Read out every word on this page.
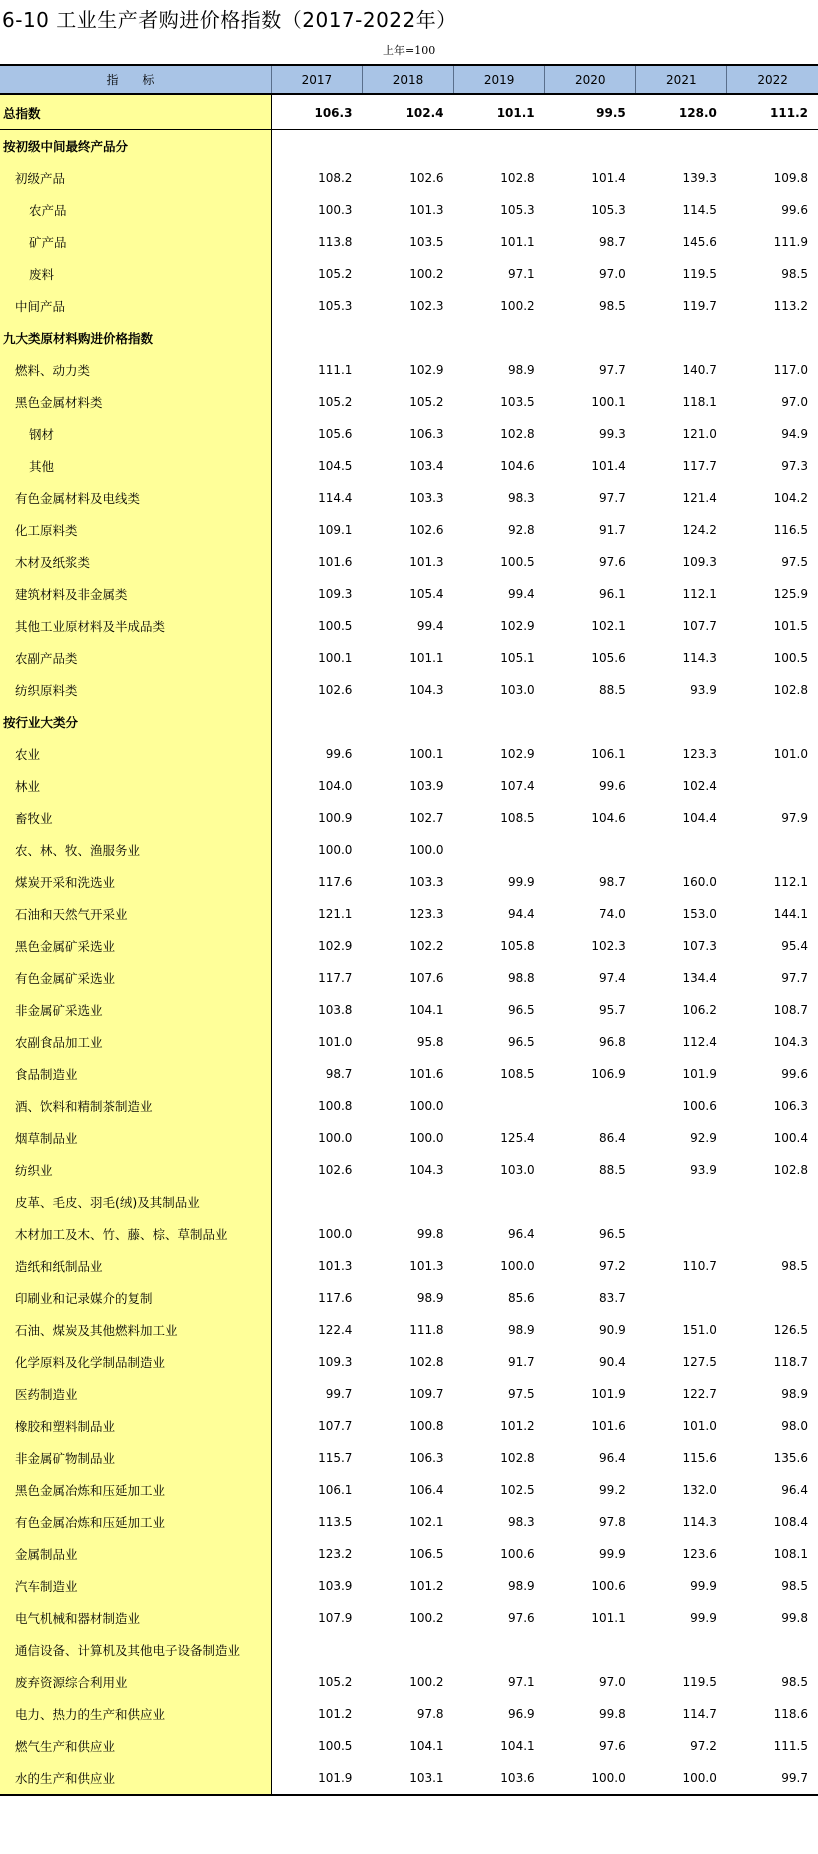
6-10 工业生产者购进价格指数（2017-2022年）
上年=100
指 标	2017	2018	2019	2020	2021	2022
总指数	106.3	102.4	101.1	99.5	128.0	111.2
按初级中间最终产品分						
初级产品	108.2	102.6	102.8	101.4	139.3	109.8
农产品	100.3	101.3	105.3	105.3	114.5	99.6
矿产品	113.8	103.5	101.1	98.7	145.6	111.9
废料	105.2	100.2	97.1	97.0	119.5	98.5
中间产品	105.3	102.3	100.2	98.5	119.7	113.2
九大类原材料购进价格指数						
燃料、动力类	111.1	102.9	98.9	97.7	140.7	117.0
黑色金属材料类	105.2	105.2	103.5	100.1	118.1	97.0
钢材	105.6	106.3	102.8	99.3	121.0	94.9
其他	104.5	103.4	104.6	101.4	117.7	97.3
有色金属材料及电线类	114.4	103.3	98.3	97.7	121.4	104.2
化工原料类	109.1	102.6	92.8	91.7	124.2	116.5
木材及纸浆类	101.6	101.3	100.5	97.6	109.3	97.5
建筑材料及非金属类	109.3	105.4	99.4	96.1	112.1	125.9
其他工业原材料及半成品类	100.5	99.4	102.9	102.1	107.7	101.5
农副产品类	100.1	101.1	105.1	105.6	114.3	100.5
纺织原料类	102.6	104.3	103.0	88.5	93.9	102.8
按行业大类分						
农业	99.6	100.1	102.9	106.1	123.3	101.0
林业	104.0	103.9	107.4	99.6	102.4	
畜牧业	100.9	102.7	108.5	104.6	104.4	97.9
农、林、牧、渔服务业	100.0	100.0				
煤炭开采和洗选业	117.6	103.3	99.9	98.7	160.0	112.1
石油和天然气开采业	121.1	123.3	94.4	74.0	153.0	144.1
黑色金属矿采选业	102.9	102.2	105.8	102.3	107.3	95.4
有色金属矿采选业	117.7	107.6	98.8	97.4	134.4	97.7
非金属矿采选业	103.8	104.1	96.5	95.7	106.2	108.7
农副食品加工业	101.0	95.8	96.5	96.8	112.4	104.3
食品制造业	98.7	101.6	108.5	106.9	101.9	99.6
酒、饮料和精制茶制造业	100.8	100.0			100.6	106.3
烟草制品业	100.0	100.0	125.4	86.4	92.9	100.4
纺织业	102.6	104.3	103.0	88.5	93.9	102.8
皮革、毛皮、羽毛(绒)及其制品业						
木材加工及木、竹、藤、棕、草制品业	100.0	99.8	96.4	96.5		
造纸和纸制品业	101.3	101.3	100.0	97.2	110.7	98.5
印刷业和记录媒介的复制	117.6	98.9	85.6	83.7		
石油、煤炭及其他燃料加工业	122.4	111.8	98.9	90.9	151.0	126.5
化学原料及化学制品制造业	109.3	102.8	91.7	90.4	127.5	118.7
医药制造业	99.7	109.7	97.5	101.9	122.7	98.9
橡胶和塑料制品业	107.7	100.8	101.2	101.6	101.0	98.0
非金属矿物制品业	115.7	106.3	102.8	96.4	115.6	135.6
黑色金属冶炼和压延加工业	106.1	106.4	102.5	99.2	132.0	96.4
有色金属冶炼和压延加工业	113.5	102.1	98.3	97.8	114.3	108.4
金属制品业	123.2	106.5	100.6	99.9	123.6	108.1
汽车制造业	103.9	101.2	98.9	100.6	99.9	98.5
电气机械和器材制造业	107.9	100.2	97.6	101.1	99.9	99.8
通信设备、计算机及其他电子设备制造业						
废弃资源综合利用业	105.2	100.2	97.1	97.0	119.5	98.5
电力、热力的生产和供应业	101.2	97.8	96.9	99.8	114.7	118.6
燃气生产和供应业	100.5	104.1	104.1	97.6	97.2	111.5
水的生产和供应业	101.9	103.1	103.6	100.0	100.0	99.7
